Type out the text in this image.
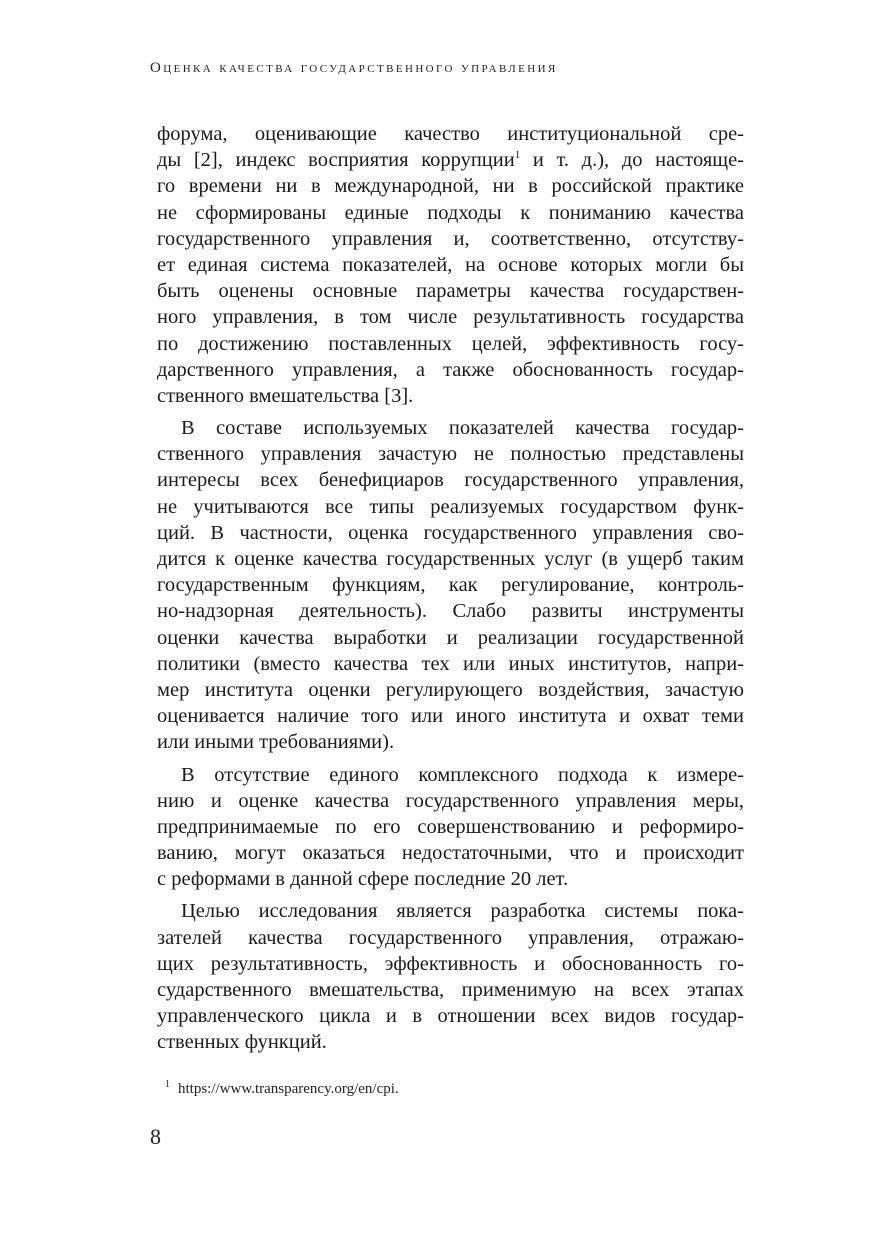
Оценка качества государственного управления
форума, оценивающие качество институциональной сре-
ды [2], индекс восприятия коррупции$^1$ и т. д.), до настояще-
го времени ни в международной, ни в российской практике
не сформированы единые подходы к пониманию качества
государственного управления и, соответственно, отсутству-
ет единая система показателей, на основе которых могли бы
быть оценены основные параметры качества государствен-
ного управления, в том числе результативность государства
по достижению поставленных целей, эффективность госу-
дарственного управления, а также обоснованность государ-
ственного вмешательства [3].
В составе используемых показателей качества государ-
ственного управления зачастую не полностью представлены
интересы всех бенефициаров государственного управления,
не учитываются все типы реализуемых государством функ-
ций. В частности, оценка государственного управления сво-
дится к оценке качества государственных услуг (в ущерб таким
государственным функциям, как регулирование, контроль-
но-надзорная деятельность). Слабо развиты инструменты
оценки качества выработки и реализации государственной
политики (вместо качества тех или иных институтов, напри-
мер института оценки регулирующего воздействия, зачастую
оценивается наличие того или иного института и охват теми
или иными требованиями).
В отсутствие единого комплексного подхода к измере-
нию и оценке качества государственного управления меры,
предпринимаемые по его совершенствованию и реформиро-
ванию, могут оказаться недостаточными, что и происходит
с реформами в данной сфере последние 20 лет.
Целью исследования является разработка системы пока-
зателей качества государственного управления, отражаю-
щих результативность, эффективность и обоснованность го-
сударственного вмешательства, применимую на всех этапах
управленческого цикла и в отношении всех видов государ-
ственных функций.
$^1$ https://www.transparency.org/en/cpi.
8
